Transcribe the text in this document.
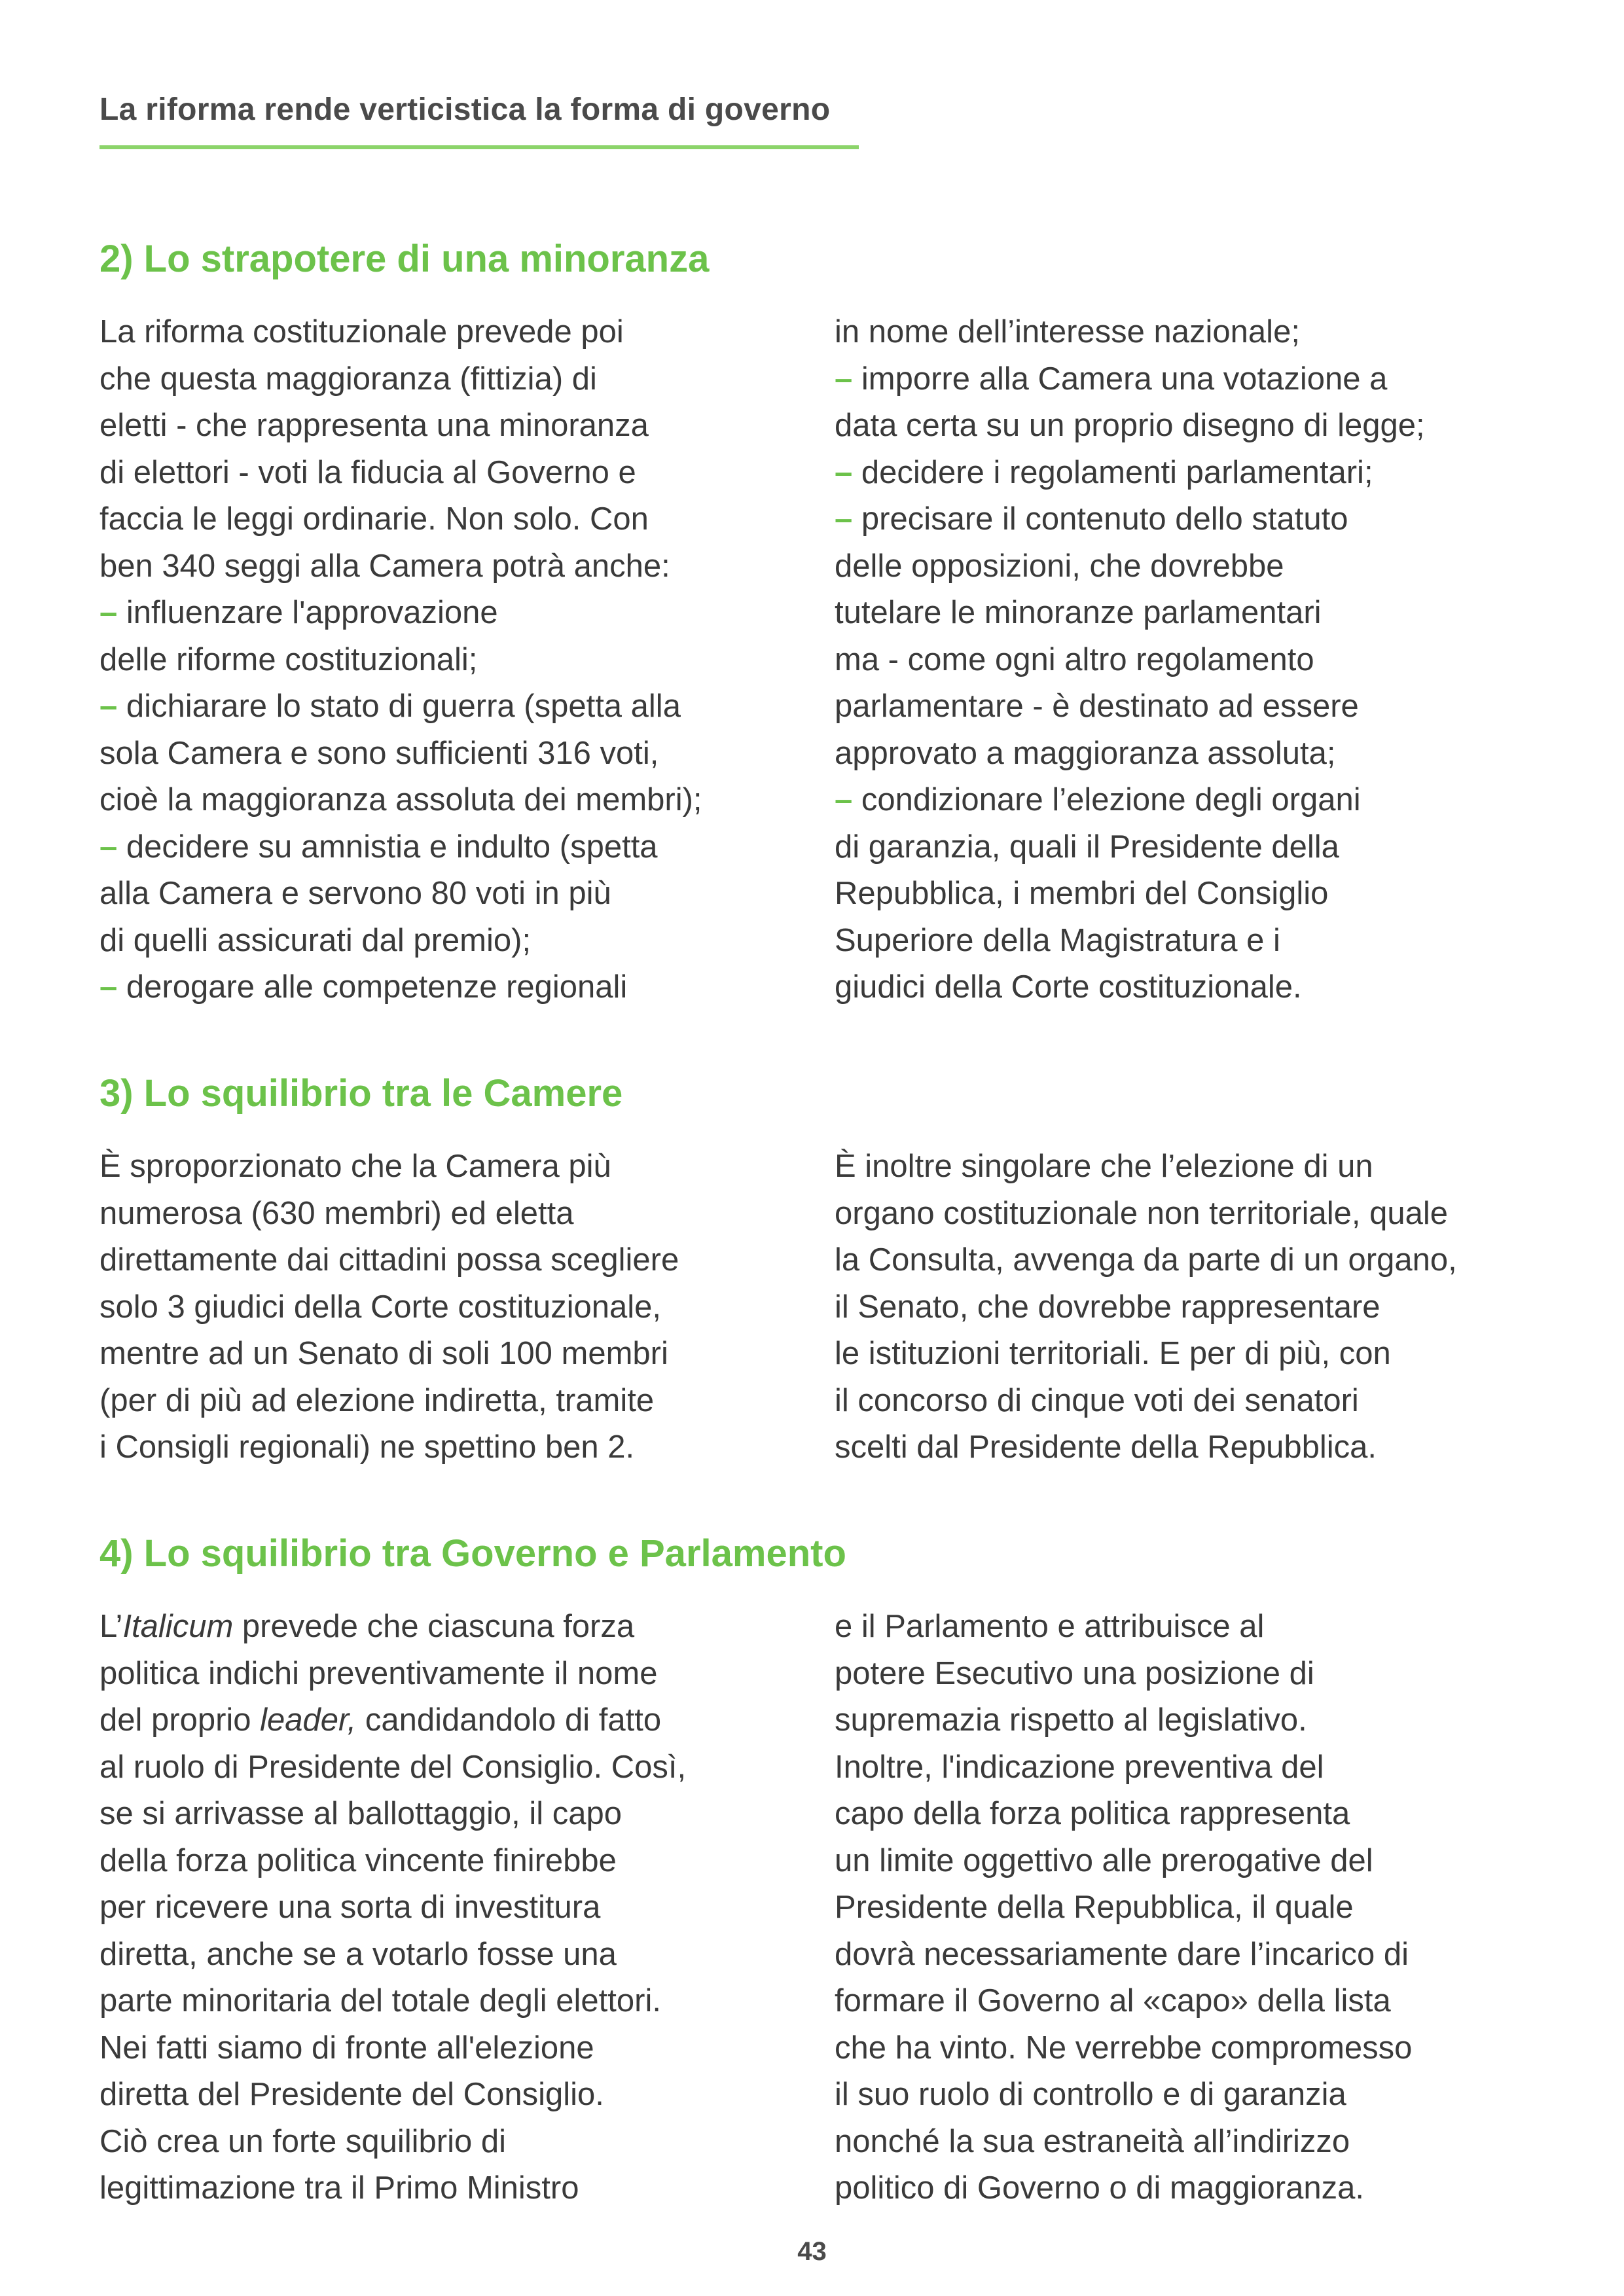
La riforma rende verticistica la forma di governo
2) Lo strapotere di una minoranza
La riforma costituzionale prevede poi
che questa maggioranza (fittizia) di
eletti - che rappresenta una minoranza
di elettori - voti la fiducia al Governo e
faccia le leggi ordinarie. Non solo. Con
ben 340 seggi alla Camera potrà anche:
– influenzare l'approvazione
delle riforme costituzionali;
– dichiarare lo stato di guerra (spetta alla
sola Camera e sono sufficienti 316 voti,
cioè la maggioranza assoluta dei membri);
– decidere su amnistia e indulto (spetta
alla Camera e servono 80 voti in più
di quelli assicurati dal premio);
– derogare alle competenze regionali
in nome dell’interesse nazionale;
– imporre alla Camera una votazione a
data certa su un proprio disegno di legge;
– decidere i regolamenti parlamentari;
– precisare il contenuto dello statuto
delle opposizioni, che dovrebbe
tutelare le minoranze parlamentari
ma - come ogni altro regolamento
parlamentare - è destinato ad essere
approvato a maggioranza assoluta;
– condizionare l’elezione degli organi
di garanzia, quali il Presidente della
Repubblica, i membri del Consiglio
Superiore della Magistratura e i
giudici della Corte costituzionale.
3) Lo squilibrio tra le Camere
È sproporzionato che la Camera più
numerosa (630 membri) ed eletta
direttamente dai cittadini possa scegliere
solo 3 giudici della Corte costituzionale,
mentre ad un Senato di soli 100 membri
(per di più ad elezione indiretta, tramite
i Consigli regionali) ne spettino ben 2.
È inoltre singolare che l’elezione di un
organo costituzionale non territoriale, quale
la Consulta, avvenga da parte di un organo,
il Senato, che dovrebbe rappresentare
le istituzioni territoriali. E per di più, con
il concorso di cinque voti dei senatori
scelti dal Presidente della Repubblica.
4) Lo squilibrio tra Governo e Parlamento
L’Italicum prevede che ciascuna forza
politica indichi preventivamente il nome
del proprio leader, candidandolo di fatto
al ruolo di Presidente del Consiglio. Così,
se si arrivasse al ballottaggio, il capo
della forza politica vincente finirebbe
per ricevere una sorta di investitura
diretta, anche se a votarlo fosse una
parte minoritaria del totale degli elettori.
Nei fatti siamo di fronte all'elezione
diretta del Presidente del Consiglio.
Ciò crea un forte squilibrio di
legittimazione tra il Primo Ministro
e il Parlamento e attribuisce al
potere Esecutivo una posizione di
supremazia rispetto al legislativo.
Inoltre, l'indicazione preventiva del
capo della forza politica rappresenta
un limite oggettivo alle prerogative del
Presidente della Repubblica, il quale
dovrà necessariamente dare l’incarico di
formare il Governo al «capo» della lista
che ha vinto. Ne verrebbe compromesso
il suo ruolo di controllo e di garanzia
nonché la sua estraneità all’indirizzo
politico di Governo o di maggioranza.
43
